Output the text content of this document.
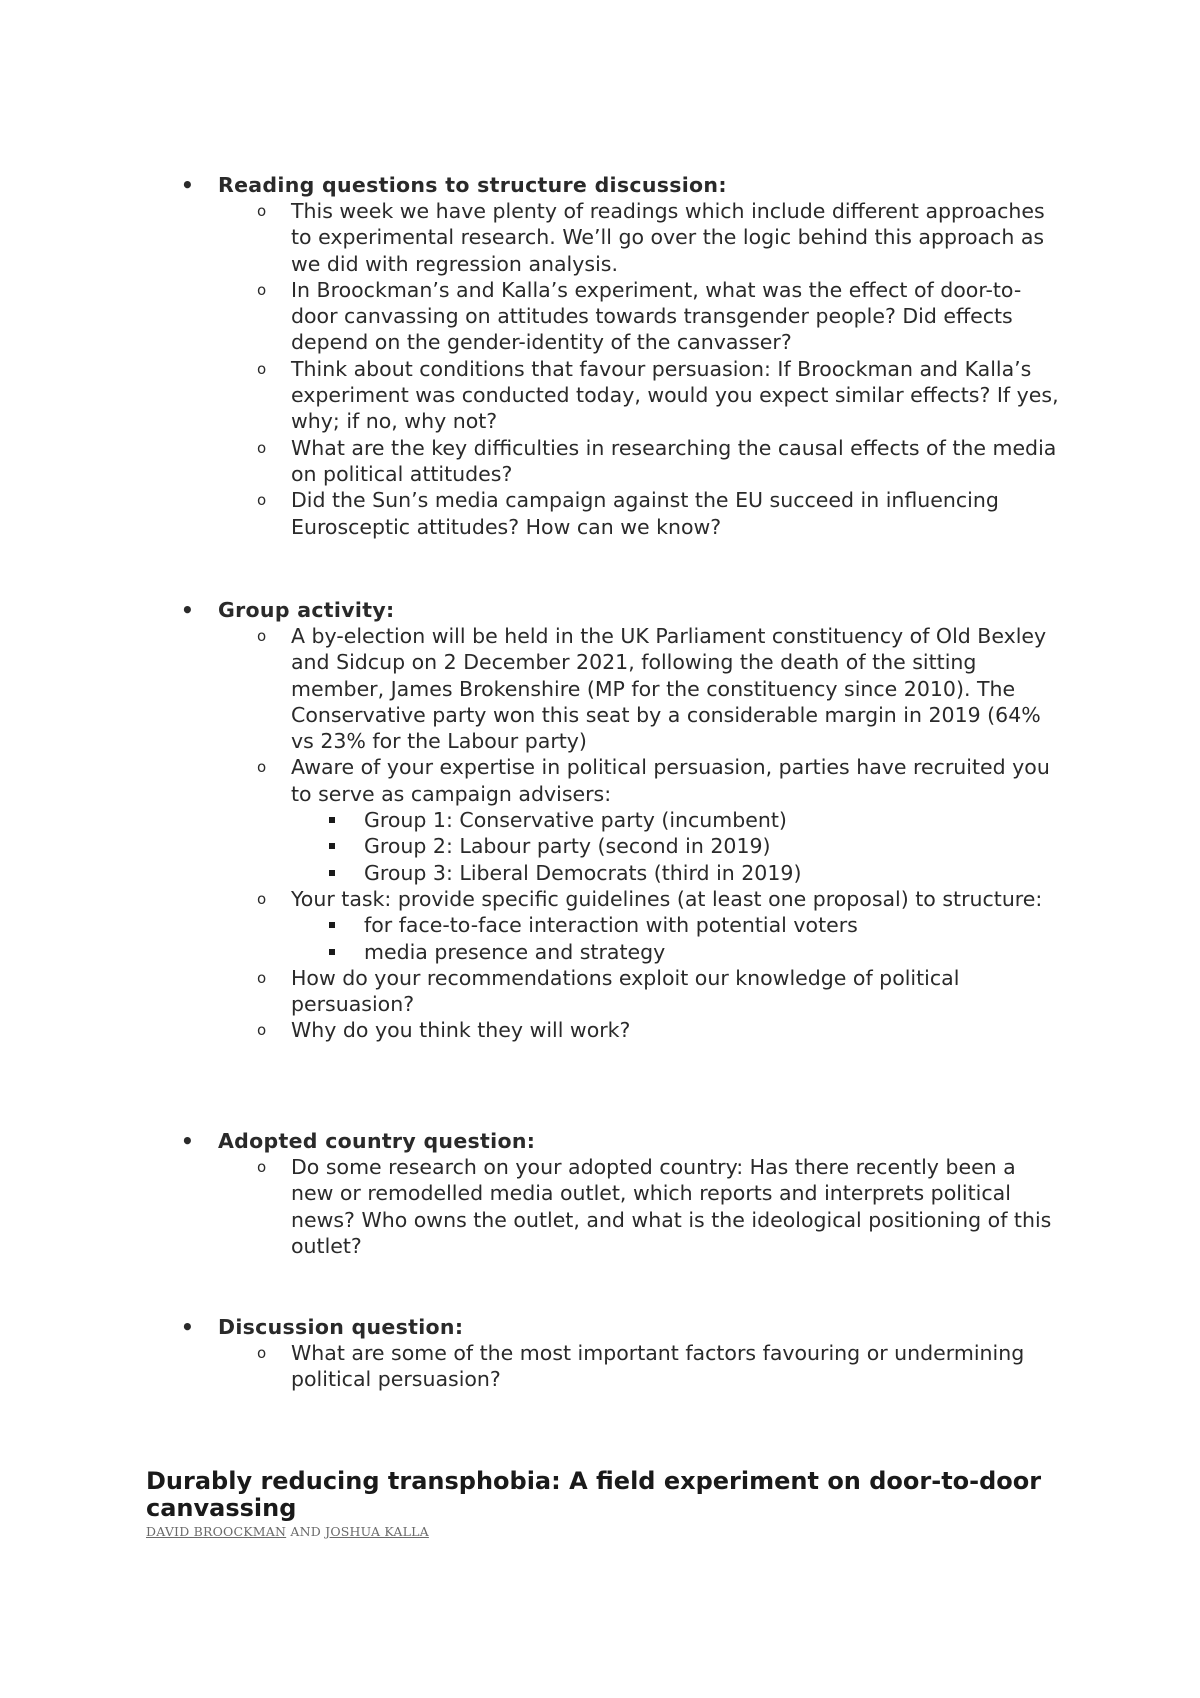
• Reading questions to structure discussion:
o This week we have plenty of readings which include different approaches to experimental research. We’ll go over the logic behind this approach as we did with regression analysis.
o In Broockman’s and Kalla’s experiment, what was the effect of door-to-door canvassing on attitudes towards transgender people? Did effects depend on the gender-identity of the canvasser?
o Think about conditions that favour persuasion: If Broockman and Kalla’s experiment was conducted today, would you expect similar effects? If yes, why; if no, why not?
o What are the key difficulties in researching the causal effects of the media on political attitudes?
o Did the Sun’s media campaign against the EU succeed in influencing Eurosceptic attitudes? How can we know?
• Group activity:
o A by-election will be held in the UK Parliament constituency of Old Bexley and Sidcup on 2 December 2021, following the death of the sitting member, James Brokenshire (MP for the constituency since 2010). The Conservative party won this seat by a considerable margin in 2019 (64% vs 23% for the Labour party)
o Aware of your expertise in political persuasion, parties have recruited you to serve as campaign advisers:
Group 1: Conservative party (incumbent)
Group 2: Labour party (second in 2019)
Group 3: Liberal Democrats (third in 2019)
o Your task: provide specific guidelines (at least one proposal) to structure:
for face-to-face interaction with potential voters
media presence and strategy
o How do your recommendations exploit our knowledge of political persuasion?
o Why do you think they will work?
• Adopted country question:
o Do some research on your adopted country: Has there recently been a new or remodelled media outlet, which reports and interprets political news? Who owns the outlet, and what is the ideological positioning of this outlet?
• Discussion question:
o What are some of the most important factors favouring or undermining political persuasion?
Durably reducing transphobia: A field experiment on door-to-door canvassing
DAVID BROOCKMAN AND JOSHUA KALLA
